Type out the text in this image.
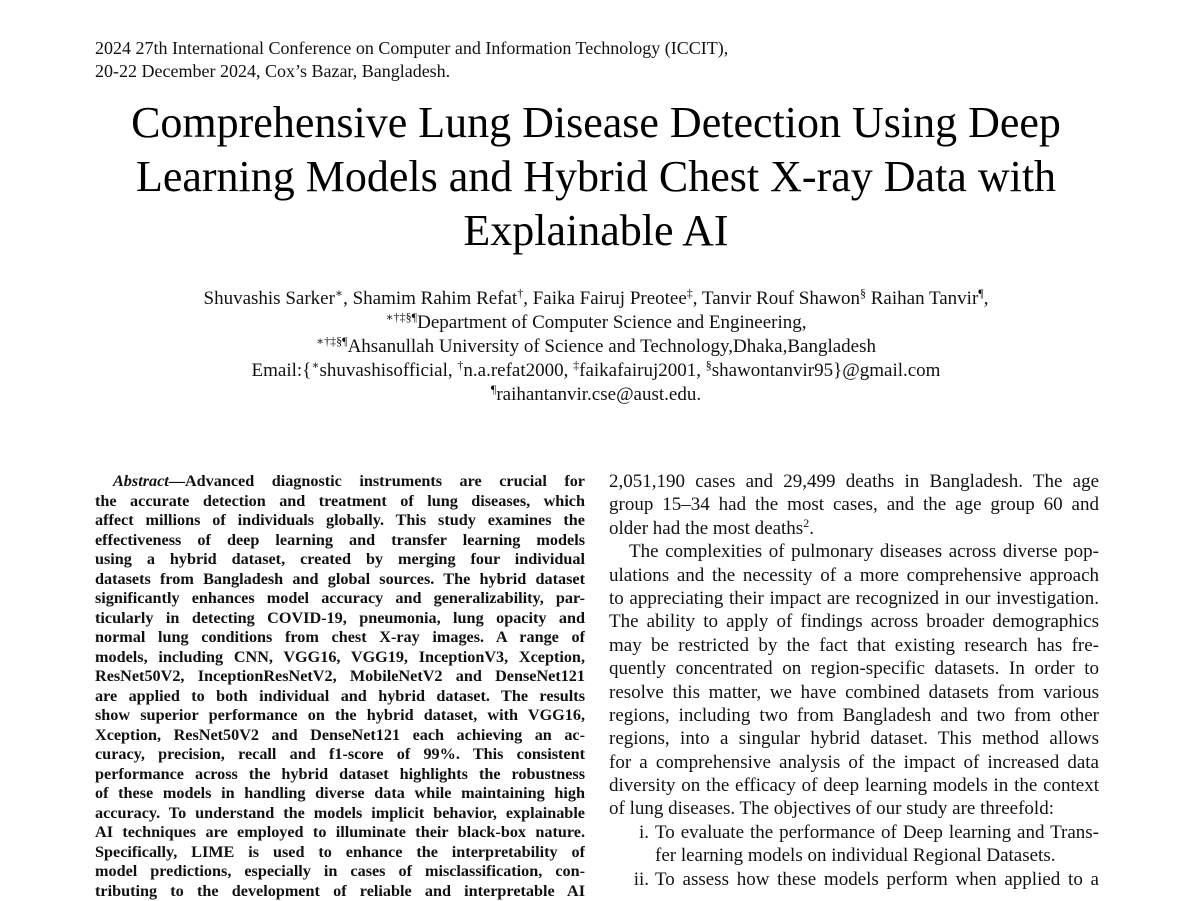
2024 27th International Conference on Computer and Information Technology (ICCIT),
20-22 December 2024, Cox’s Bazar, Bangladesh.
Comprehensive Lung Disease Detection Using Deep
Learning Models and Hybrid Chest X-ray Data with
Explainable AI
Shuvashis Sarker∗, Shamim Rahim Refat†, Faika Fairuj Preotee‡, Tanvir Rouf Shawon§ Raihan Tanvir¶,
∗†‡§¶Department of Computer Science and Engineering,
∗†‡§¶Ahsanullah University of Science and Technology,Dhaka,Bangladesh
Email:{∗shuvashisofficial, †n.a.refat2000, ‡faikafairuj2001, §shawontanvir95}@gmail.com
¶raihantanvir.cse@aust.edu.
Abstract—Advanced diagnostic instruments are crucial for
the accurate detection and treatment of lung diseases, which
affect millions of individuals globally. This study examines the
effectiveness of deep learning and transfer learning models
using a hybrid dataset, created by merging four individual
datasets from Bangladesh and global sources. The hybrid dataset
significantly enhances model accuracy and generalizability, par-
ticularly in detecting COVID-19, pneumonia, lung opacity and
normal lung conditions from chest X-ray images. A range of
models, including CNN, VGG16, VGG19, InceptionV3, Xception,
ResNet50V2, InceptionResNetV2, MobileNetV2 and DenseNet121
are applied to both individual and hybrid dataset. The results
show superior performance on the hybrid dataset, with VGG16,
Xception, ResNet50V2 and DenseNet121 each achieving an ac-
curacy, precision, recall and f1-score of 99%. This consistent
performance across the hybrid dataset highlights the robustness
of these models in handling diverse data while maintaining high
accuracy. To understand the models implicit behavior, explainable
AI techniques are employed to illuminate their black-box nature.
Specifically, LIME is used to enhance the interpretability of
model predictions, especially in cases of misclassification, con-
tributing to the development of reliable and interpretable AI
2,051,190 cases and 29,499 deaths in Bangladesh. The age
group 15–34 had the most cases, and the age group 60 and
older had the most deaths$^2$.
The complexities of pulmonary diseases across diverse pop-
ulations and the necessity of a more comprehensive approach
to appreciating their impact are recognized in our investigation.
The ability to apply of findings across broader demographics
may be restricted by the fact that existing research has fre-
quently concentrated on region-specific datasets. In order to
resolve this matter, we have combined datasets from various
regions, including two from Bangladesh and two from other
regions, into a singular hybrid dataset. This method allows
for a comprehensive analysis of the impact of increased data
diversity on the efficacy of deep learning models in the context
of lung diseases. The objectives of our study are threefold:
i. To evaluate the performance of Deep learning and Trans-
fer learning models on individual Regional Datasets.
ii. To assess how these models perform when applied to a
